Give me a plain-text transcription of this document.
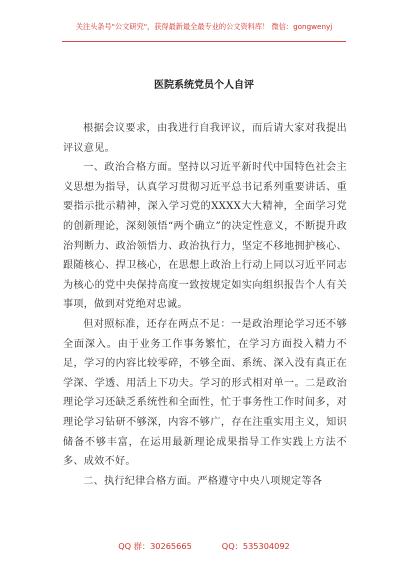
关注头条号"公文研究"，获得最新最全最专业的公文资料库！ 微信：gongwenyj
医院系统党员个人自评

根据会议要求，由我进行自我评议，而后请大家对我提出评议意见。

一、政治合格方面。坚持以习近平新时代中国特色社会主义思想为指导，认真学习贯彻习近平总书记系列重要讲话、重要指示批示精神，深入学习党的XXXX大大精神，全面学习党的创新理论，深刻领悟“两个确立”的决定性意义，不断提升政治判断力、政治领悟力、政治执行力，坚定不移地拥护核心、跟随核心、捍卫核心，在思想上政治上行动上同以习近平同志为核心的党中央保持高度一致按规定如实向组织报告个人有关事项，做到对党绝对忠诚。

但对照标准，还存在两点不足：一是政治理论学习还不够全面深入。由于业务工作事务繁忙，在学习方面投入精力不足，学习的内容比较零碎，不够全面、系统、深入没有真正在学深、学透、用活上下功夫。学习的形式相对单一。二是政治理论学习还缺乏系统性和全面性，忙于事务性工作时间多，对理论学习钻研不够深，内容不够广，存在注重实用主义，知识储备不够丰富，在运用最新理论成果指导工作实践上方法不多、成效不好。

二、执行纪律合格方面。严格遵守中央八项规定等各

QQ 群：30265665	QQ：535304092
